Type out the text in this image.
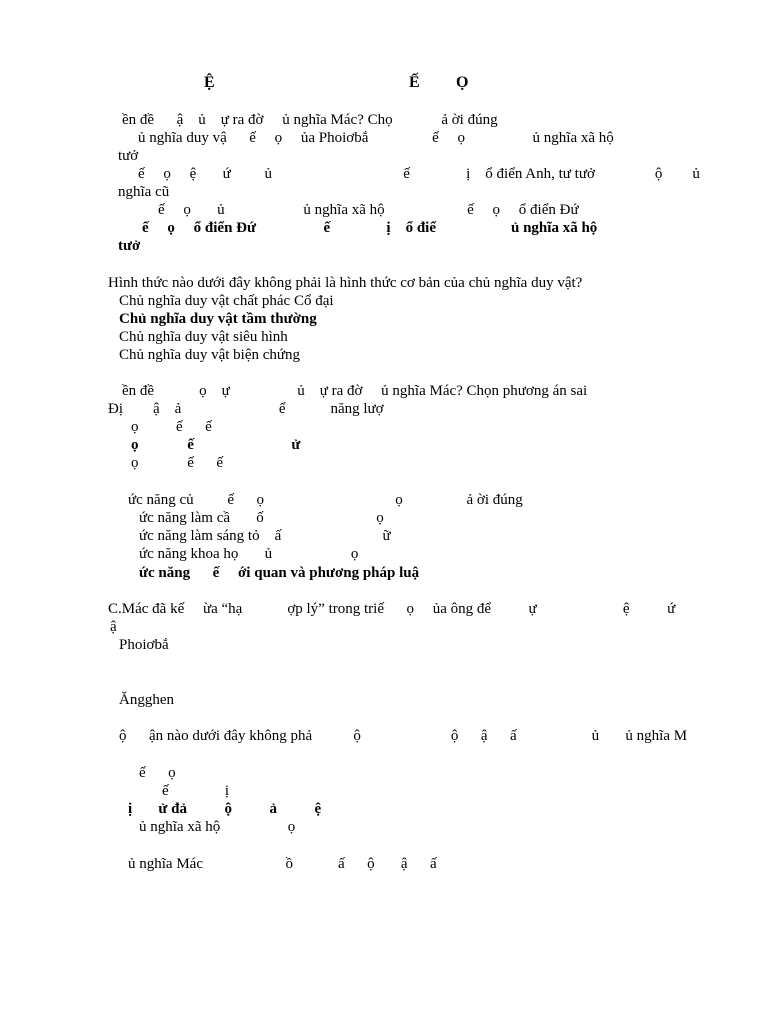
Ệ	Ế Ọ

ền đề      ậ    ủ    ự ra đờ     ủ nghĩa Mác? Chọ             ả ời đúng

ủ nghĩa duy vậ      ế     ọ     ủa Phoiơbắ                 ế     ọ                  ủ nghĩa xã hộ

tưở

ế     ọ     ệ       ứ         ủ                                   ế               ị    ổ điển Anh, tư tưở                ộ        ủ

nghĩa cũ

ế     ọ       ủ                     ủ nghĩa xã hộ                      ế     ọ     ổ điển Đứ

ế     ọ     ổ điển Đứ                  ế               ị    ổ điể                    ủ nghĩa xã hộ

tưở

Hình thức nào dưới đây không phải là hình thức cơ bản của chủ nghĩa duy vật?

Chủ nghĩa duy vật chất phác Cổ đại

Chủ nghĩa duy vật tầm thường

Chủ nghĩa duy vật siêu hình

Chủ nghĩa duy vật biện chứng

ền đề            ọ    ự                  ủ    ự ra đờ     ủ nghĩa Mác? Chọn phương án sai

Đị        ậ    ả                          ể            năng lượ

ọ          ế      ế

ọ             ế                          ử

ọ             ế      ế

ức năng củ         ế      ọ                                   ọ                 ả ời đúng

ức năng làm cầ       ố                              ọ

ức năng làm sáng tỏ    ấ                           ữ

ức năng khoa họ       ủ                     ọ

ức năng      ế     ới quan và phương pháp luậ

C.Mác đã kế     ừa “hạ            ợp lý” trong triế      ọ     ủa ông để          ự                       ệ          ứ

ậ

Phoiơbắ

Ăngghen

ộ      ận nào dưới đây không phả           ộ                        ộ      ậ      ấ                    ủ       ủ nghĩa M

ế      ọ

ế               ị

ị       ử đả          ộ          ả          ệ

ủ nghĩa xã hộ                  ọ

ủ nghĩa Mác                      ồ            ấ      ộ       ậ      ấ
